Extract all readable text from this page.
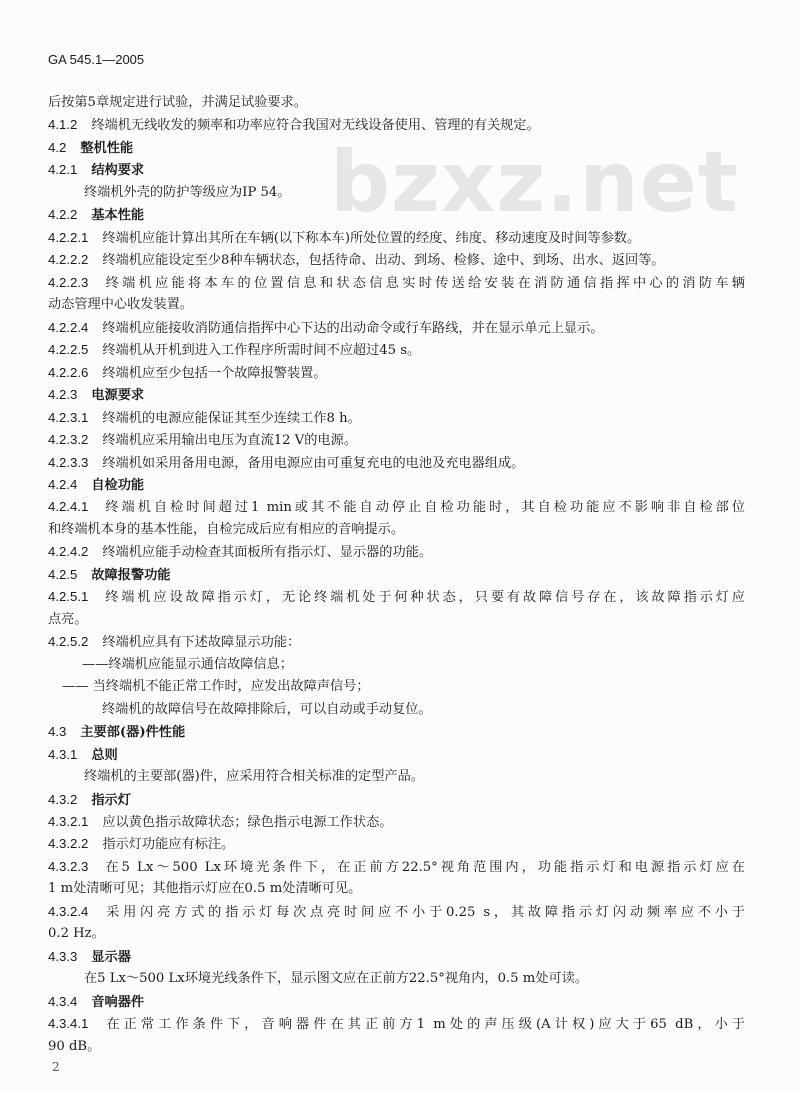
bzxz.net
GA 545.1—2005
后按第5章规定进行试验，并满足试验要求。
4.1.2 终端机无线收发的频率和功率应符合我国对无线设备使用、管理的有关规定。
4.2 整机性能
4.2.1 结构要求
终端机外壳的防护等级应为IP 54。
4.2.2 基本性能
4.2.2.1 终端机应能计算出其所在车辆(以下称本车)所处位置的经度、纬度、移动速度及时间等参数。
4.2.2.2 终端机应能设定至少8种车辆状态，包括待命、出动、到场、检修、途中、到场、出水、返回等。
4.2.2.3 终端机应能将本车的位置信息和状态信息实时传送给安装在消防通信指挥中心的消防车辆
动态管理中心收发装置。
4.2.2.4 终端机应能接收消防通信指挥中心下达的出动命令或行车路线，并在显示单元上显示。
4.2.2.5 终端机从开机到进入工作程序所需时间不应超过45 s。
4.2.2.6 终端机应至少包括一个故障报警装置。
4.2.3 电源要求
4.2.3.1 终端机的电源应能保证其至少连续工作8 h。
4.2.3.2 终端机应采用输出电压为直流12 V的电源。
4.2.3.3 终端机如采用备用电源，备用电源应由可重复充电的电池及充电器组成。
4.2.4 自检功能
4.2.4.1 终端机自检时间超过1 min或其不能自动停止自检功能时，其自检功能应不影响非自检部位
和终端机本身的基本性能，自检完成后应有相应的音响提示。
4.2.4.2 终端机应能手动检查其面板所有指示灯、显示器的功能。
4.2.5 故障报警功能
4.2.5.1 终端机应设故障指示灯，无论终端机处于何种状态，只要有故障信号存在，该故障指示灯应
点亮。
4.2.5.2 终端机应具有下述故障显示功能：
——终端机应能显示通信故障信息；
—— 当终端机不能正常工作时，应发出故障声信号；
终端机的故障信号在故障排除后，可以自动或手动复位。
4.3 主要部(器)件性能
4.3.1 总则
终端机的主要部(器)件，应采用符合相关标准的定型产品。
4.3.2 指示灯
4.3.2.1 应以黄色指示故障状态；绿色指示电源工作状态。
4.3.2.2 指示灯功能应有标注。
4.3.2.3 在5 Lx～500 Lx环境光条件下，在正前方22.5°视角范围内，功能指示灯和电源指示灯应在
1 m处清晰可见；其他指示灯应在0.5 m处清晰可见。
4.3.2.4 采用闪亮方式的指示灯每次点亮时间应不小于0.25 s，其故障指示灯闪动频率应不小于
0.2 Hz。
4.3.3 显示器
在5 Lx～500 Lx环境光线条件下，显示图文应在正前方22.5°视角内，0.5 m处可读。
4.3.4 音响器件
4.3.4.1 在正常工作条件下，音响器件在其正前方1 m处的声压级(A计权)应大于65 dB，小于
90 dB。
2
